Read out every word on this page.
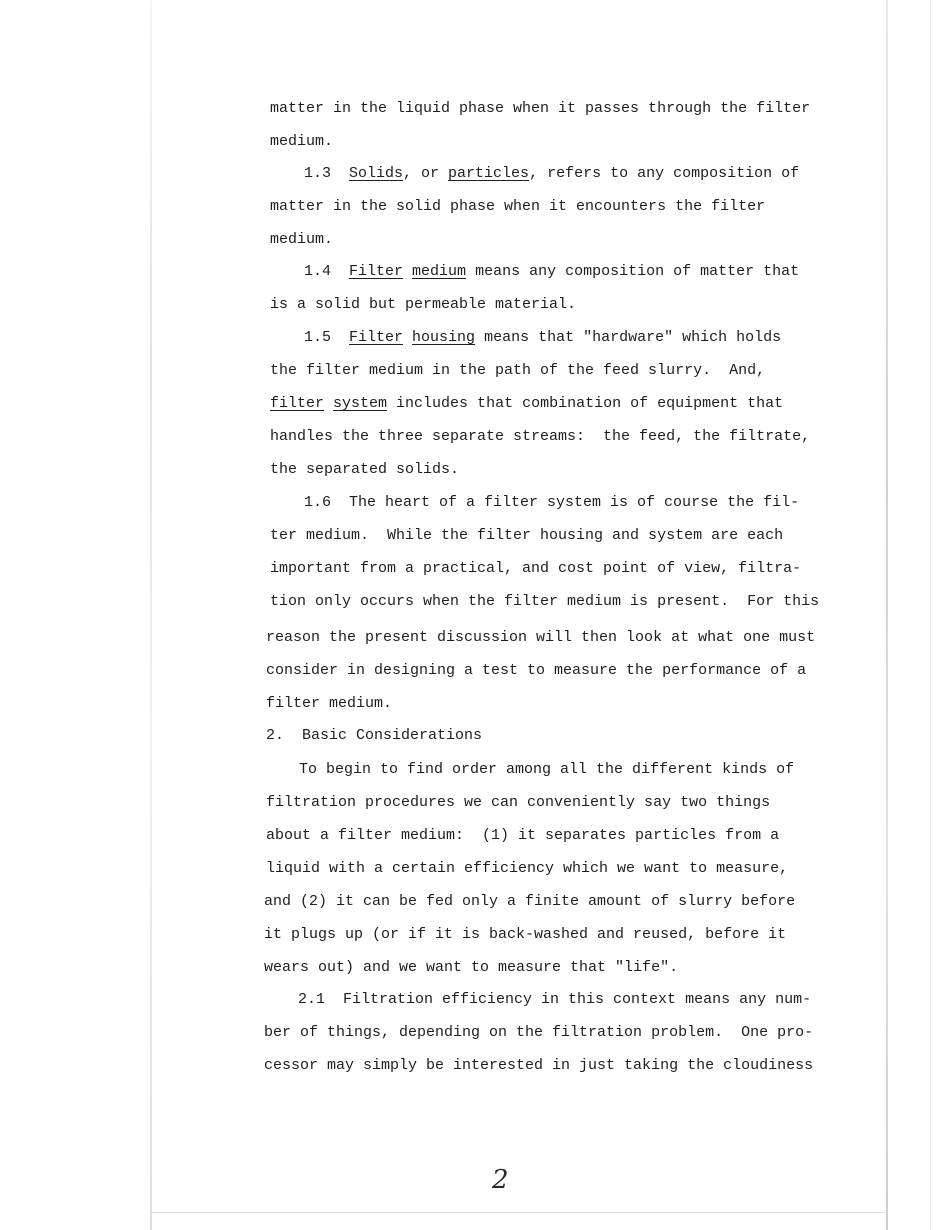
matter in the liquid phase when it passes through the filter
medium.
1.3  Solids, or particles, refers to any composition of
matter in the solid phase when it encounters the filter
medium.
1.4  Filter medium means any composition of matter that
is a solid but permeable material.
1.5  Filter housing means that "hardware" which holds
the filter medium in the path of the feed slurry.  And,
filter system includes that combination of equipment that
handles the three separate streams:  the feed, the filtrate,
the separated solids.
1.6  The heart of a filter system is of course the fil-
ter medium.  While the filter housing and system are each
important from a practical, and cost point of view, filtra-
tion only occurs when the filter medium is present.  For this
reason the present discussion will then look at what one must
consider in designing a test to measure the performance of a
filter medium.
2.  Basic Considerations
To begin to find order among all the different kinds of
filtration procedures we can conveniently say two things
about a filter medium:  (1) it separates particles from a
liquid with a certain efficiency which we want to measure,
and (2) it can be fed only a finite amount of slurry before
it plugs up (or if it is back-washed and reused, before it
wears out) and we want to measure that "life".
2.1  Filtration efficiency in this context means any num-
ber of things, depending on the filtration problem.  One pro-
cessor may simply be interested in just taking the cloudiness
2
